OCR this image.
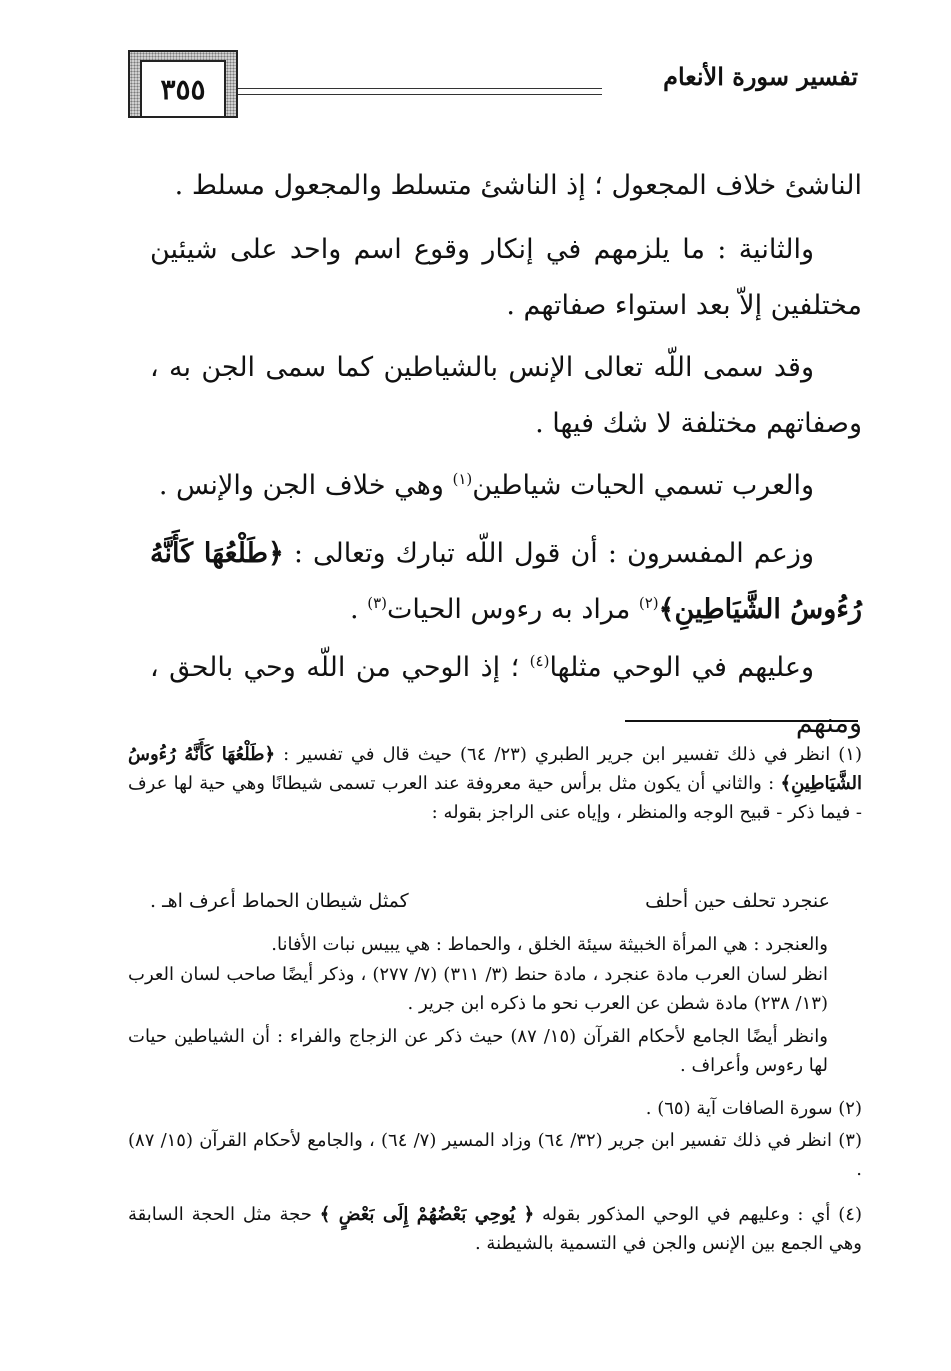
٣٥٥	تفسير سورة الأنعام
الناشئ خلاف المجعول ؛ إذ الناشئ متسلط والمجعول مسلط .
والثانية : ما يلزمهم في إنكار وقوع اسم واحد على شيئين مختلفين إلاّ بعد استواء صفاتهم .
وقد سمى اللّه تعالى الإنس بالشياطين كما سمى الجن به ، وصفاتهم مختلفة لا شك فيها .
والعرب تسمي الحيات شياطين$^{(١)}$ وهي خلاف الجن والإنس .
وزعم المفسرون : أن قول اللّه تبارك وتعالى : ﴿طَلْعُهَا كَأَنَّهُ رُءُوسُ الشَّيَاطِينِ﴾$^{(٢)}$ مراد به رءوس الحيات$^{(٣)}$ .
وعليهم في الوحي مثلها$^{(٤)}$ ؛ إذ الوحي من اللّه وحي بالحق ، ومنهم
(١) انظر في ذلك تفسير ابن جرير الطبري (٢٣/ ٦٤) حيث قال في تفسير : ﴿طَلْعُهَا كَأَنَّهُ رُءُوسُ الشَّيَاطِينِ﴾ : والثاني أن يكون مثل برأس حية معروفة عند العرب تسمى شيطانًا وهي حية لها عرف - فيما ذكر - قبيح الوجه والمنظر ، وإياه عنى الراجز بقوله :
عنجرد تحلف حين أحلف
كمثل شيطان الحماط أعرف اهـ .
والعنجرد : هي المرأة الخبيثة سيئة الخلق ، والحماط : هي يبيس نبات الأفانا.
انظر لسان العرب مادة عنجرد ، مادة حنط (٣/ ٣١١) (٧/ ٢٧٧) ، وذكر أيضًا صاحب لسان العرب (١٣/ ٢٣٨) مادة شطن عن العرب نحو ما ذكره ابن جرير .
وانظر أيضًا الجامع لأحكام القرآن (١٥/ ٨٧) حيث ذكر عن الزجاج والفراء : أن الشياطين حيات لها رءوس وأعراف .
(٢) سورة الصافات آية (٦٥) .
(٣) انظر في ذلك تفسير ابن جرير (٣٢/ ٦٤) وزاد المسير (٧/ ٦٤) ، والجامع لأحكام القرآن (١٥/ ٨٧) .
(٤) أي : وعليهم في الوحي المذكور بقوله ﴿ يُوحِي بَعْضُهُمْ إِلَى بَعْضٍ ﴾ حجة مثل الحجة السابقة وهي الجمع بين الإنس والجن في التسمية بالشيطنة .
